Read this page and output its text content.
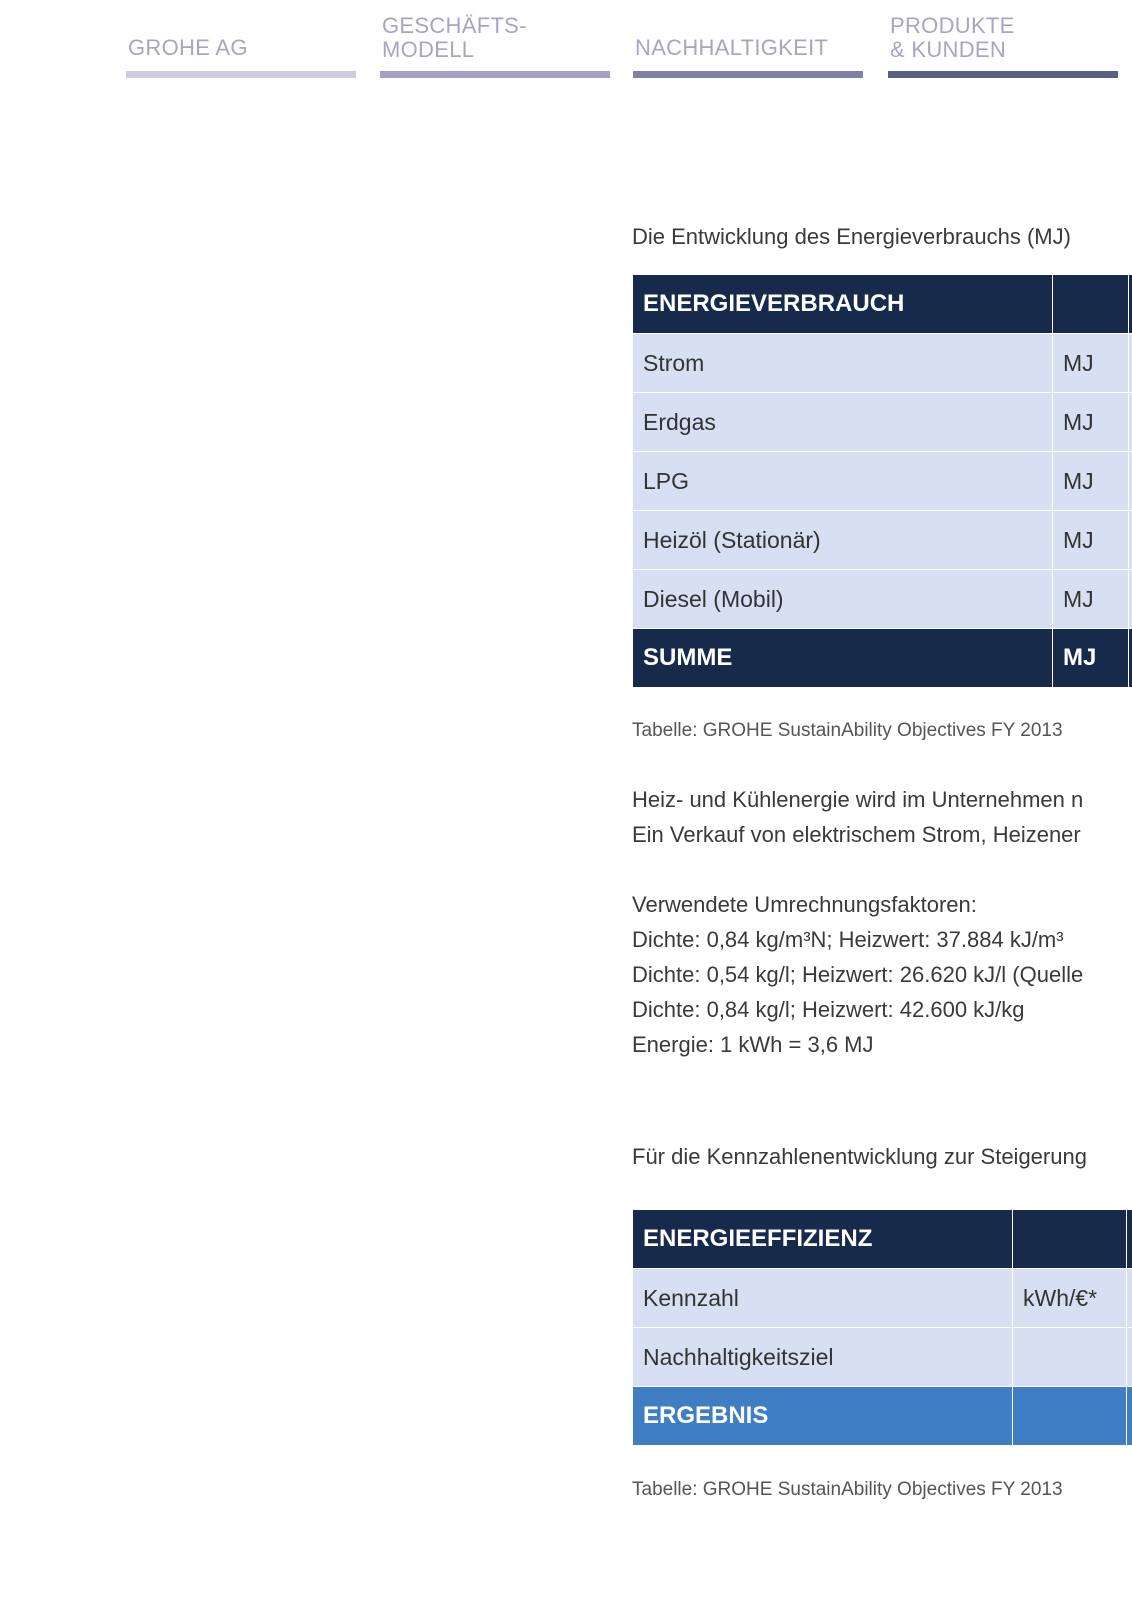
GROHE AG
GESCHÄFTS-
MODELL	NACHHALTIGKEIT
PRODUKTE
& KUNDEN
Die Entwicklung des Energieverbrauchs (MJ)
ENERGIEVERBRAUCH		
Strom	MJ	
Erdgas	MJ	
LPG	MJ	
Heizöl (Stationär)	MJ	
Diesel (Mobil)	MJ	
SUMME	MJ	
Tabelle: GROHE SustainAbility Objectives FY 2013
Heiz- und Kühlenergie wird im Unternehmen n
Ein Verkauf von elektrischem Strom, Heizener
Verwendete Umrechnungsfaktoren:
Dichte: 0,84 kg/m³N; Heizwert: 37.884 kJ/m³
Dichte: 0,54 kg/l; Heizwert: 26.620 kJ/l (Quelle
Dichte: 0,84 kg/l; Heizwert: 42.600 kJ/kg
Energie: 1 kWh = 3,6 MJ
Für die Kennzahlenentwicklung zur Steigerung
ENERGIEEFFIZIENZ		
Kennzahl	kWh/€*	
Nachhaltigkeitsziel		
ERGEBNIS		
Tabelle: GROHE SustainAbility Objectives FY 2013
